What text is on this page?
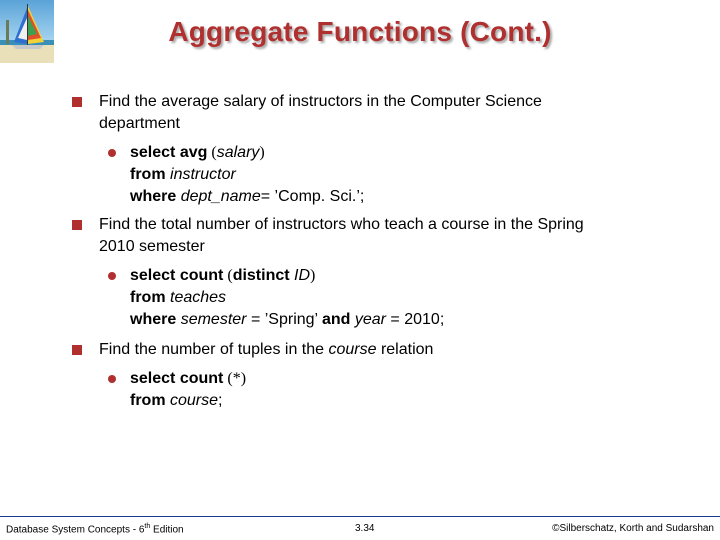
Aggregate Functions (Cont.)
Find the average salary of instructors in the Computer Science
department
select avg (salary)
from instructor
where dept_name= ’Comp. Sci.’;
Find the total number of instructors who teach a course in the Spring
2010 semester
select count (distinct ID)
from teaches
where semester = ’Spring’ and year = 2010;
Find the number of tuples in the course relation
select count (*)
from course;
Database System Concepts - 6th Edition	3.34	©Silberschatz, Korth and Sudarshan
